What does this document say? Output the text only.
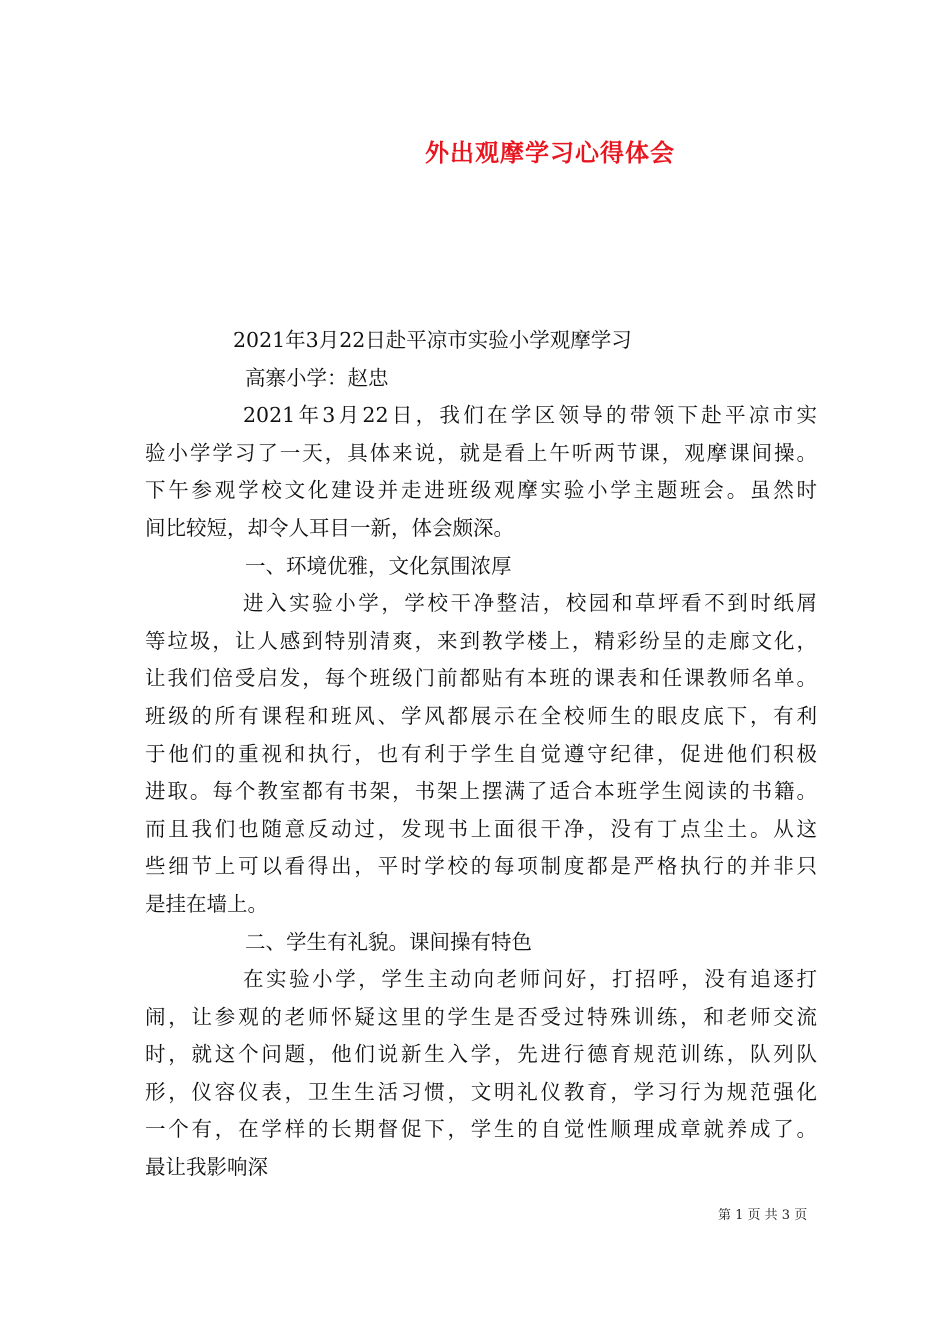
外出观摩学习心得体会
2021年3月22日赴平凉市实验小学观摩学习
高寨小学：赵忠
2021年3月22日，我们在学区领导的带领下赴平凉市实
验小学学习了一天，具体来说，就是看上午听两节课，观摩课间操。
下午参观学校文化建设并走进班级观摩实验小学主题班会。虽然时
间比较短，却令人耳目一新，体会颇深。
一、环境优雅，文化氛围浓厚
进入实验小学，学校干净整洁，校园和草坪看不到时纸屑
等垃圾，让人感到特别清爽，来到教学楼上，精彩纷呈的走廊文化，
让我们倍受启发，每个班级门前都贴有本班的课表和任课教师名单。
班级的所有课程和班风、学风都展示在全校师生的眼皮底下，有利
于他们的重视和执行，也有利于学生自觉遵守纪律，促进他们积极
进取。每个教室都有书架，书架上摆满了适合本班学生阅读的书籍。
而且我们也随意反动过，发现书上面很干净，没有丁点尘土。从这
些细节上可以看得出，平时学校的每项制度都是严格执行的并非只
是挂在墙上。
二、学生有礼貌。课间操有特色
在实验小学，学生主动向老师问好，打招呼，没有追逐打
闹，让参观的老师怀疑这里的学生是否受过特殊训练，和老师交流
时，就这个问题，他们说新生入学，先进行德育规范训练，队列队
形，仪容仪表，卫生生活习惯，文明礼仪教育，学习行为规范强化
一个有，在学样的长期督促下，学生的自觉性顺理成章就养成了。
最让我影响深
第 1 页 共 3 页
